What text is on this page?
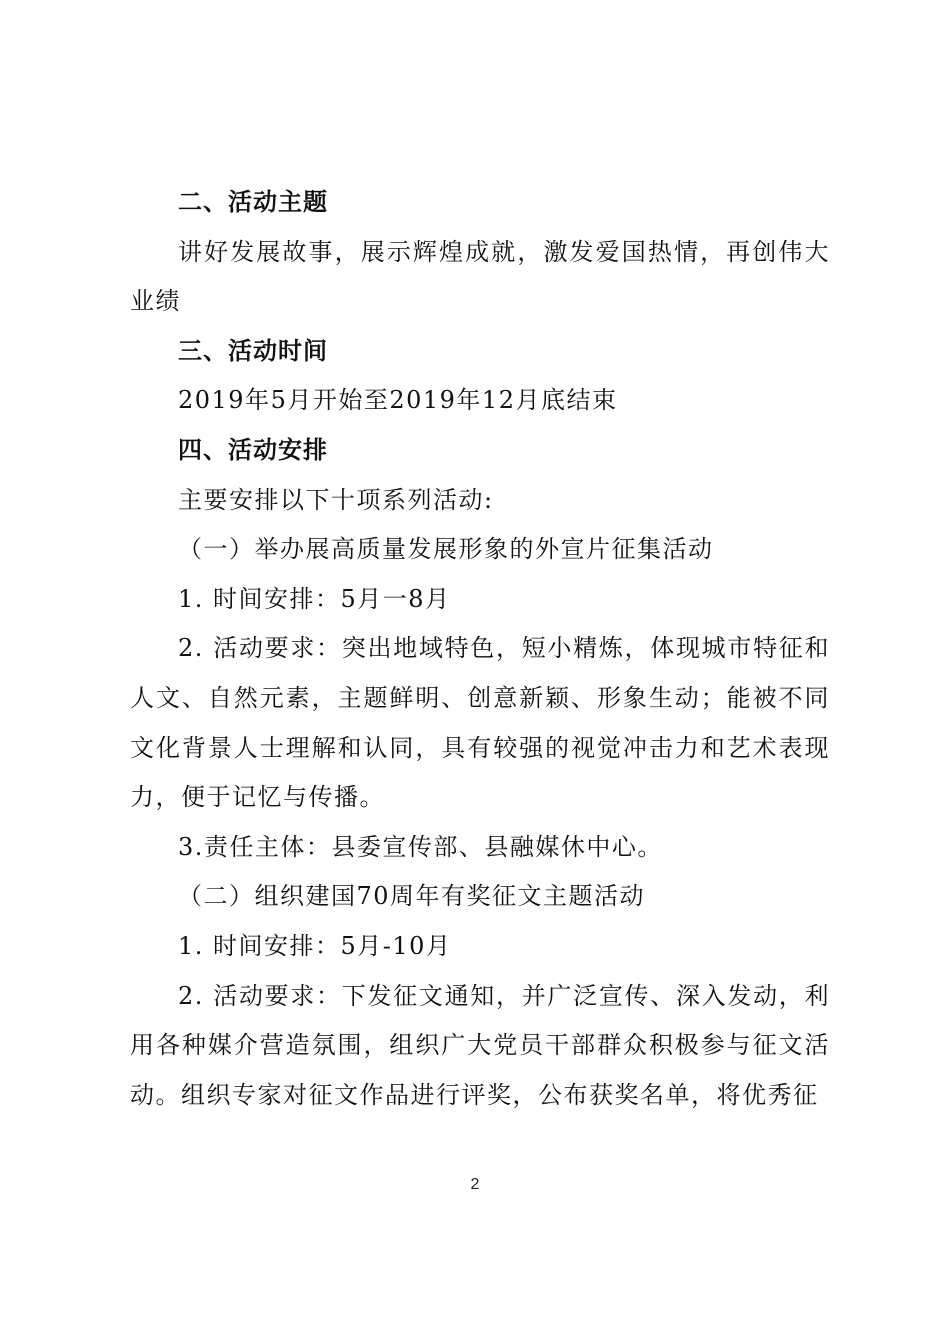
二、活动主题

讲好发展故事，展示辉煌成就，激发爱国热情，再创伟大业绩

三、活动时间

2019年5月开始至2019年12月底结束

四、活动安排

主要安排以下十项系列活动:

（一）举办展高质量发展形象的外宣片征集活动

1. 时间安排：5月一8月

2. 活动要求：突出地域特色，短小精炼，体现城市特征和人文、自然元素，主题鲜明、创意新颖、形象生动；能被不同文化背景人士理解和认同，具有较强的视觉冲击力和艺术表现力，便于记忆与传播。

3.责任主体：县委宣传部、县融媒休中心。

（二）组织建国70周年有奖征文主题活动

1. 时间安排：5月-10月

2. 活动要求：下发征文通知，并广泛宣传、深入发动，利用各种媒介营造氛围，组织广大党员干部群众积极参与征文活动。组织专家对征文作品进行评奖，公布获奖名单，将优秀征

2
